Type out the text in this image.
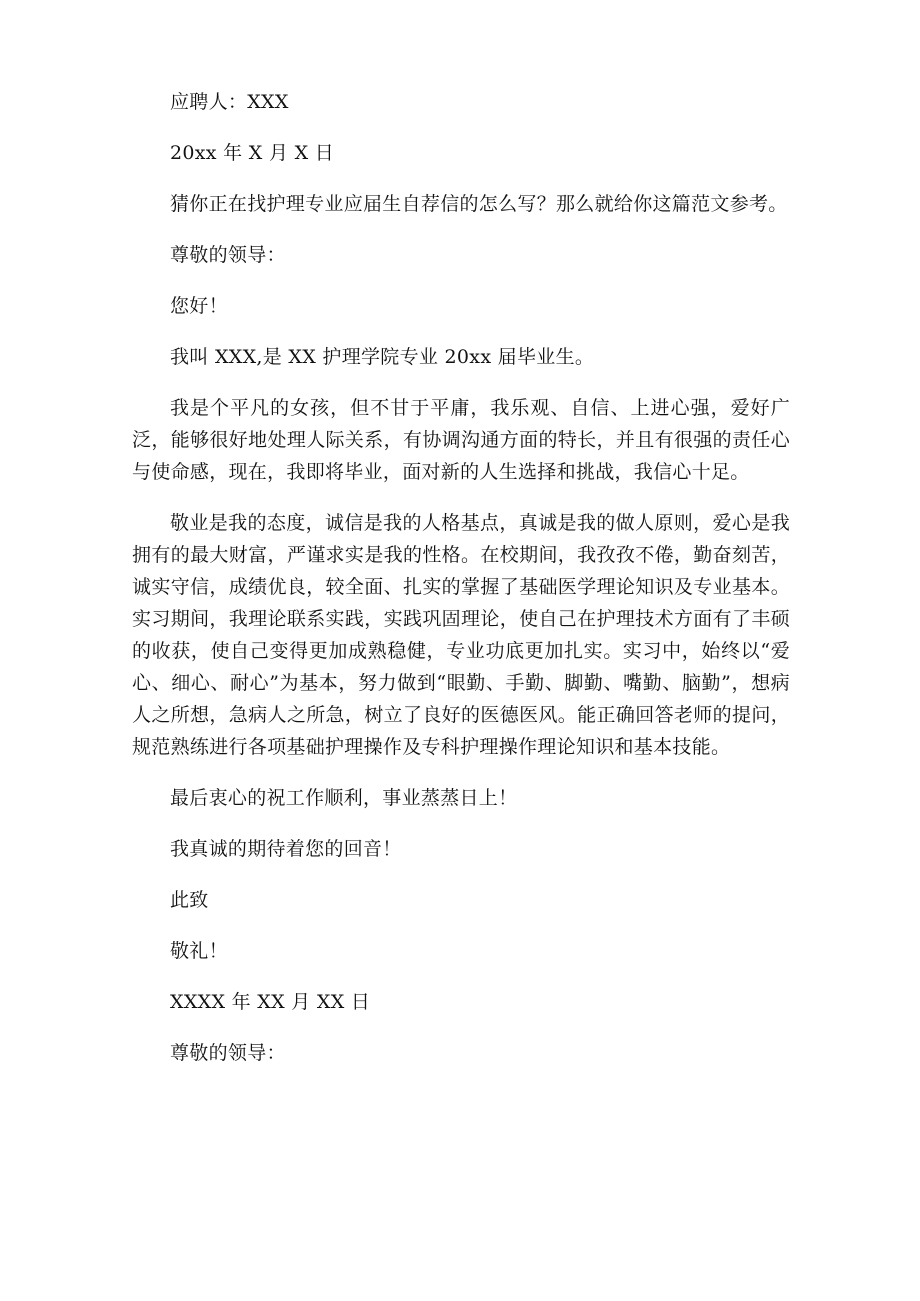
应聘人：XXX

20xx 年 X 月 X 日

猜你正在找护理专业应届生自荐信的怎么写？那么就给你这篇范文参考。

尊敬的领导：

您好！

我叫 XXX,是 XX 护理学院专业 20xx 届毕业生。

我是个平凡的女孩，但不甘于平庸，我乐观、自信、上进心强，爱好广泛，能够很好地处理人际关系，有协调沟通方面的特长，并且有很强的责任心与使命感，现在，我即将毕业，面对新的人生选择和挑战，我信心十足。

敬业是我的态度，诚信是我的人格基点，真诚是我的做人原则，爱心是我拥有的最大财富，严谨求实是我的性格。在校期间，我孜孜不倦，勤奋刻苦，诚实守信，成绩优良，较全面、扎实的掌握了基础医学理论知识及专业基本。实习期间，我理论联系实践，实践巩固理论，使自己在护理技术方面有了丰硕的收获，使自己变得更加成熟稳健，专业功底更加扎实。实习中，始终以“爱心、细心、耐心”为基本，努力做到“眼勤、手勤、脚勤、嘴勤、脑勤”，想病人之所想，急病人之所急，树立了良好的医德医风。能正确回答老师的提问，规范熟练进行各项基础护理操作及专科护理操作理论知识和基本技能。

最后衷心的祝工作顺利，事业蒸蒸日上！

我真诚的期待着您的回音！

此致

敬礼！

XXXX 年 XX 月 XX 日

尊敬的领导：
